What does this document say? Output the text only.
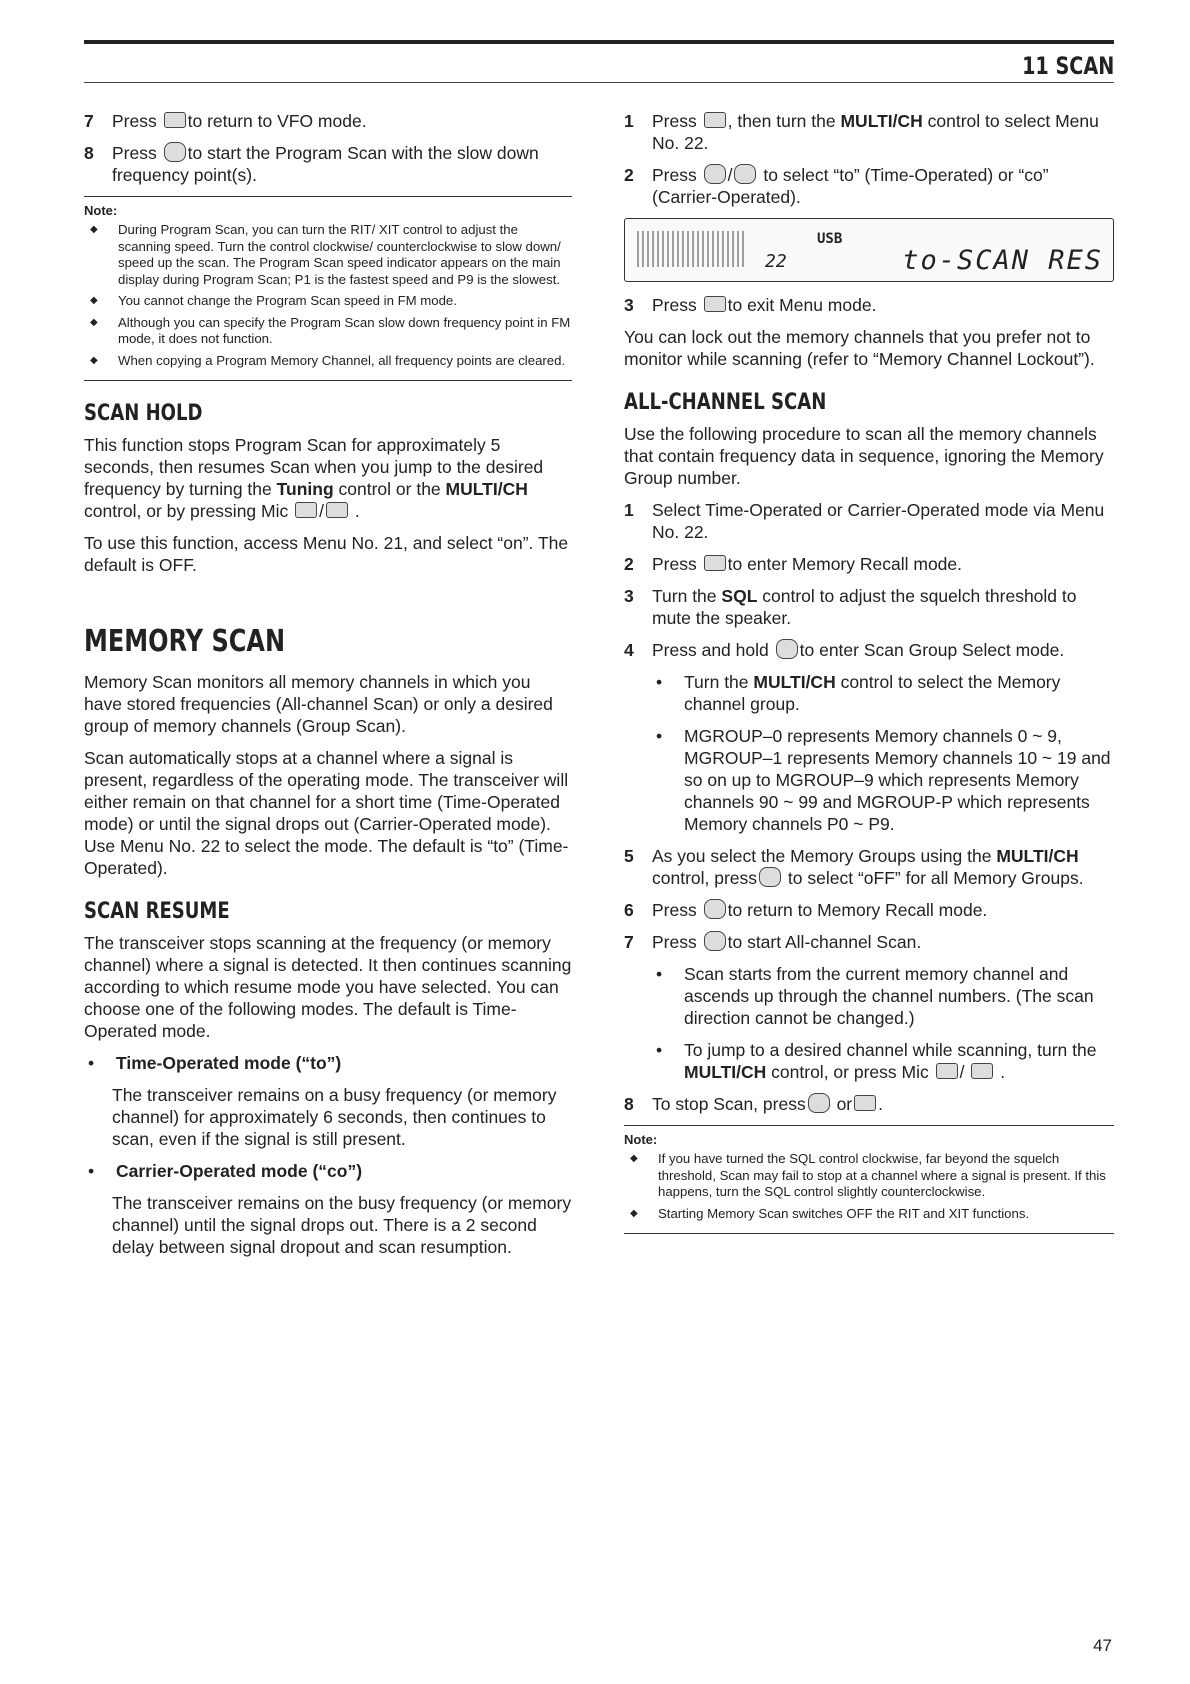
11 SCAN
7	Press to return to VFO mode.
8	Press to start the Program Scan with the slow down frequency point(s).
Note:
◆	During Program Scan, you can turn the RIT/ XIT control to adjust the scanning speed. Turn the control clockwise/ counterclockwise to slow down/ speed up the scan. The Program Scan speed indicator appears on the main display during Program Scan; P1 is the fastest speed and P9 is the slowest.
◆	You cannot change the Program Scan speed in FM mode.
◆	Although you can specify the Program Scan slow down frequency point in FM mode, it does not function.
◆	When copying a Program Memory Channel, all frequency points are cleared.
SCAN HOLD

This function stops Program Scan for approximately 5 seconds, then resumes Scan when you jump to the desired frequency by turning the Tuning control or the MULTI/CH control, or by pressing Mic / .

To use this function, access Menu No. 21, and select “on”. The default is OFF.

MEMORY SCAN

Memory Scan monitors all memory channels in which you have stored frequencies (All-channel Scan) or only a desired group of memory channels (Group Scan).

Scan automatically stops at a channel where a signal is present, regardless of the operating mode. The transceiver will either remain on that channel for a short time (Time-Operated mode) or until the signal drops out (Carrier-Operated mode). Use Menu No. 22 to select the mode. The default is “to” (Time-Operated).

SCAN RESUME

The transceiver stops scanning at the frequency (or memory channel) where a signal is detected. It then continues scanning according to which resume mode you have selected. You can choose one of the following modes. The default is Time-Operated mode.

•	Time-Operated mode (“to”)

The transceiver remains on a busy frequency (or memory channel) for approximately 6 seconds, then continues to scan, even if the signal is still present.

•	Carrier-Operated mode (“co”)

The transceiver remains on the busy frequency (or memory channel) until the signal drops out. There is a 2 second delay between signal dropout and scan resumption.

1	Press , then turn the MULTI/CH control to select Menu No. 22.
2	Press / to select “to” (Time-Operated) or “co” (Carrier-Operated).
USB
22	to-SCAN RES
3	Press to exit Menu mode.

You can lock out the memory channels that you prefer not to monitor while scanning (refer to “Memory Channel Lockout”).

ALL-CHANNEL SCAN

Use the following procedure to scan all the memory channels that contain frequency data in sequence, ignoring the Memory Group number.

1	Select Time-Operated or Carrier-Operated mode via Menu No. 22.
2	Press to enter Memory Recall mode.
3	Turn the SQL control to adjust the squelch threshold to mute the speaker.
4	Press and hold to enter Scan Group Select mode.
•	Turn the MULTI/CH control to select the Memory channel group.
•	MGROUP–0 represents Memory channels 0 ~ 9, MGROUP–1 represents Memory channels 10 ~ 19 and so on up to MGROUP–9 which represents Memory channels 90 ~ 99 and MGROUP-P which represents Memory channels P0 ~ P9.
5	As you select the Memory Groups using the MULTI/CH control, press to select “oFF” for all Memory Groups.
6	Press to return to Memory Recall mode.
7	Press to start All-channel Scan.
•	Scan starts from the current memory channel and ascends up through the channel numbers. (The scan direction cannot be changed.)
•	To jump to a desired channel while scanning, turn the MULTI/CH control, or press Mic / .
8	To stop Scan, press or .
Note:
◆	If you have turned the SQL control clockwise, far beyond the squelch threshold, Scan may fail to stop at a channel where a signal is present. If this happens, turn the SQL control slightly counterclockwise.
◆	Starting Memory Scan switches OFF the RIT and XIT functions.
47
